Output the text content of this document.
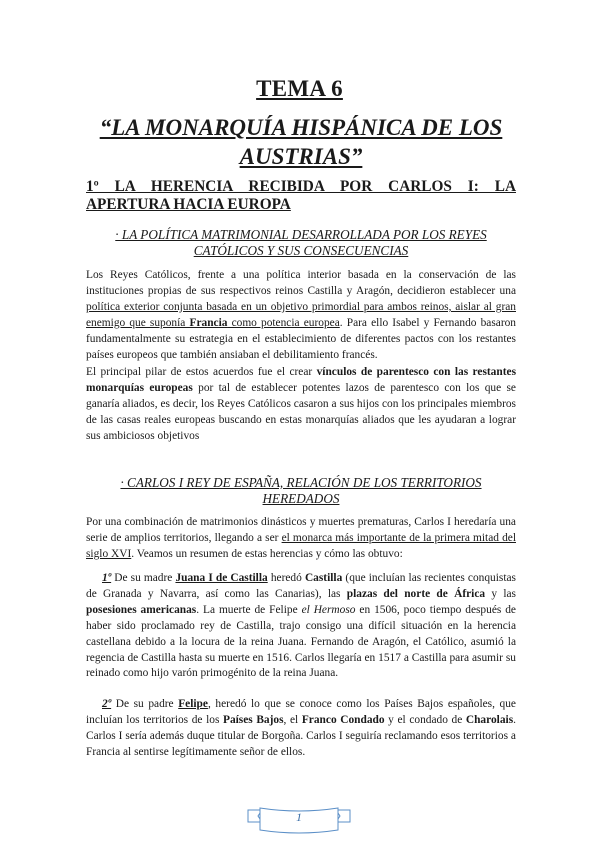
TEMA 6
“LA MONARQUÍA HISPÁNICA DE LOS
AUSTRIAS”
1º LA HERENCIA RECIBIDA POR CARLOS I: LA
APERTURA HACIA EUROPA
· LA POLÍTICA MATRIMONIAL DESARROLLADA POR LOS REYES
CATÓLICOS Y SUS CONSECUENCIAS

Los Reyes Católicos, frente a una política interior basada en la conservación de las instituciones propias de sus respectivos reinos Castilla y Aragón, decidieron establecer una política exterior conjunta basada en un objetivo primordial para ambos reinos, aislar al gran enemigo que suponía Francia como potencia europea. Para ello Isabel y Fernando basaron fundamentalmente su estrategia en el establecimiento de diferentes pactos con los restantes países europeos que también ansiaban el debilitamiento francés.

El principal pilar de estos acuerdos fue el crear vínculos de parentesco con las restantes monarquías europeas por tal de establecer potentes lazos de parentesco con los que se ganaría aliados, es decir, los Reyes Católicos casaron a sus hijos con los principales miembros de las casas reales europeas buscando en estas monarquías aliados que les ayudaran a lograr sus ambiciosos objetivos

· CARLOS I REY DE ESPAÑA, RELACIÓN DE LOS TERRITORIOS
HEREDADOS

Por una combinación de matrimonios dinásticos y muertes prematuras, Carlos I heredaría una serie de amplios territorios, llegando a ser el monarca más importante de la primera mitad del siglo XVI. Veamos un resumen de estas herencias y cómo las obtuvo:

1º De su madre Juana I de Castilla heredó Castilla (que incluían las recientes conquistas de Granada y Navarra, así como las Canarias), las plazas del norte de África y las posesiones americanas. La muerte de Felipe el Hermoso en 1506, poco tiempo después de haber sido proclamado rey de Castilla, trajo consigo una difícil situación en la herencia castellana debido a la locura de la reina Juana. Fernando de Aragón, el Católico, asumió la regencia de Castilla hasta su muerte en 1516. Carlos llegaría en 1517 a Castilla para asumir su reinado como hijo varón primogénito de la reina Juana.

2º De su padre Felipe, heredó lo que se conoce como los Países Bajos españoles, que incluían los territorios de los Países Bajos, el Franco Condado y el condado de Charolais. Carlos I sería además duque titular de Borgoña. Carlos I seguiría reclamando esos territorios a Francia al sentirse legítimamente señor de ellos.

1
